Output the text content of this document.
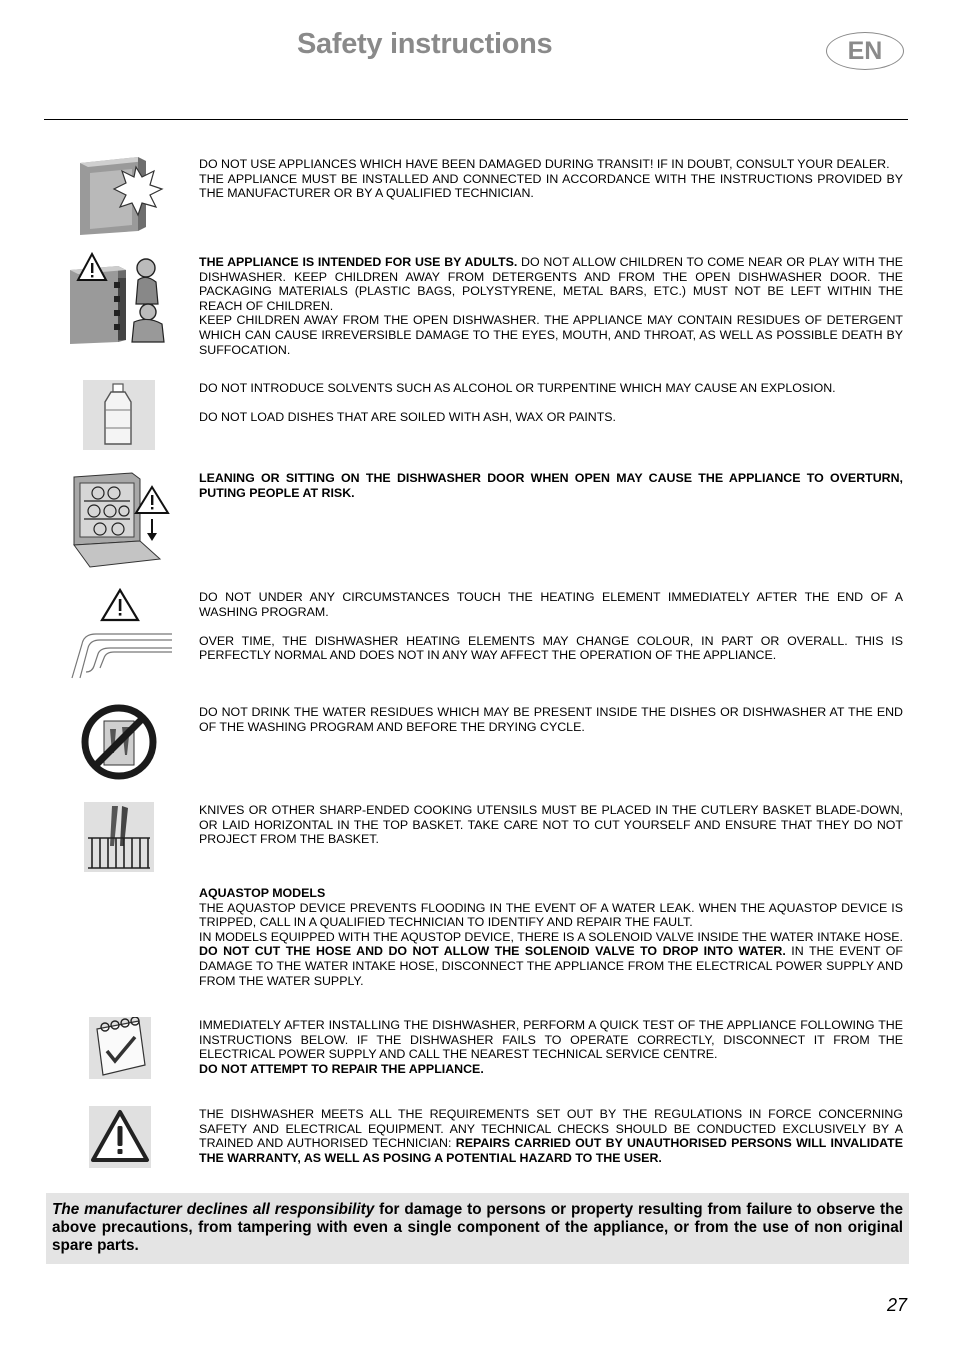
Safety instructions	EN

DO NOT USE APPLIANCES WHICH HAVE BEEN DAMAGED DURING TRANSIT! IF IN DOUBT, CONSULT YOUR DEALER.

THE APPLIANCE MUST BE INSTALLED AND CONNECTED IN ACCORDANCE WITH THE INSTRUCTIONS PROVIDED BY THE MANUFACTURER OR BY A QUALIFIED TECHNICIAN.

THE APPLIANCE IS INTENDED FOR USE BY ADULTS. DO NOT ALLOW CHILDREN TO COME NEAR OR PLAY WITH THE DISHWASHER. KEEP CHILDREN AWAY FROM DETERGENTS AND FROM THE OPEN DISHWASHER DOOR. THE PACKAGING MATERIALS (PLASTIC BAGS, POLYSTYRENE, METAL BARS, ETC.) MUST NOT BE LEFT WITHIN THE REACH OF CHILDREN.

KEEP CHILDREN AWAY FROM THE OPEN DISHWASHER. THE APPLIANCE MAY CONTAIN RESIDUES OF DETERGENT WHICH CAN CAUSE IRREVERSIBLE DAMAGE TO THE EYES, MOUTH, AND THROAT, AS WELL AS POSSIBLE DEATH BY SUFFOCATION.

DO NOT INTRODUCE SOLVENTS SUCH AS ALCOHOL OR TURPENTINE WHICH MAY CAUSE AN EXPLOSION.

DO NOT LOAD DISHES THAT ARE SOILED WITH ASH, WAX OR PAINTS.

LEANING OR SITTING ON THE DISHWASHER DOOR WHEN OPEN MAY CAUSE THE APPLIANCE TO OVERTURN, PUTING PEOPLE AT RISK.

DO NOT UNDER ANY CIRCUMSTANCES TOUCH THE HEATING ELEMENT IMMEDIATELY AFTER THE END OF A WASHING PROGRAM.

OVER TIME, THE DISHWASHER HEATING ELEMENTS MAY CHANGE COLOUR, IN PART OR OVERALL. THIS IS PERFECTLY NORMAL AND DOES NOT IN ANY WAY AFFECT THE OPERATION OF THE APPLIANCE.

DO NOT DRINK THE WATER RESIDUES WHICH MAY BE PRESENT INSIDE THE DISHES OR DISHWASHER AT THE END OF THE WASHING PROGRAM AND BEFORE THE DRYING CYCLE.

KNIVES OR OTHER SHARP-ENDED COOKING UTENSILS MUST BE PLACED IN THE CUTLERY BASKET BLADE-DOWN, OR LAID HORIZONTAL IN THE TOP BASKET. TAKE CARE NOT TO CUT YOURSELF AND ENSURE THAT THEY DO NOT PROJECT FROM THE BASKET.

AQUASTOP MODELS

THE AQUASTOP DEVICE PREVENTS FLOODING IN THE EVENT OF A WATER LEAK. WHEN THE AQUASTOP DEVICE IS TRIPPED, CALL IN A QUALIFIED TECHNICIAN TO IDENTIFY AND REPAIR THE FAULT.

IN MODELS EQUIPPED WITH THE AQUSTOP DEVICE, THERE IS A SOLENOID VALVE INSIDE THE WATER INTAKE HOSE. DO NOT CUT THE HOSE AND DO NOT ALLOW THE SOLENOID VALVE TO DROP INTO WATER. IN THE EVENT OF DAMAGE TO THE WATER INTAKE HOSE, DISCONNECT THE APPLIANCE FROM THE ELECTRICAL POWER SUPPLY AND FROM THE WATER SUPPLY.

IMMEDIATELY AFTER INSTALLING THE DISHWASHER, PERFORM A QUICK TEST OF THE APPLIANCE FOLLOWING THE INSTRUCTIONS BELOW. IF THE DISHWASHER FAILS TO OPERATE CORRECTLY, DISCONNECT IT FROM THE ELECTRICAL POWER SUPPLY AND CALL THE NEAREST TECHNICAL SERVICE CENTRE.

DO NOT ATTEMPT TO REPAIR THE APPLIANCE.

THE DISHWASHER MEETS ALL THE REQUIREMENTS SET OUT BY THE REGULATIONS IN FORCE CONCERNING SAFETY AND ELECTRICAL EQUIPMENT. ANY TECHNICAL CHECKS SHOULD BE CONDUCTED EXCLUSIVELY BY A TRAINED AND AUTHORISED TECHNICIAN: REPAIRS CARRIED OUT BY UNAUTHORISED PERSONS WILL INVALIDATE THE WARRANTY, AS WELL AS POSING A POTENTIAL HAZARD TO THE USER.

The manufacturer declines all responsibility for damage to persons or property resulting from failure to observe the above precautions, from tampering with even a single component of the appliance, or from the use of non original spare parts.
27
